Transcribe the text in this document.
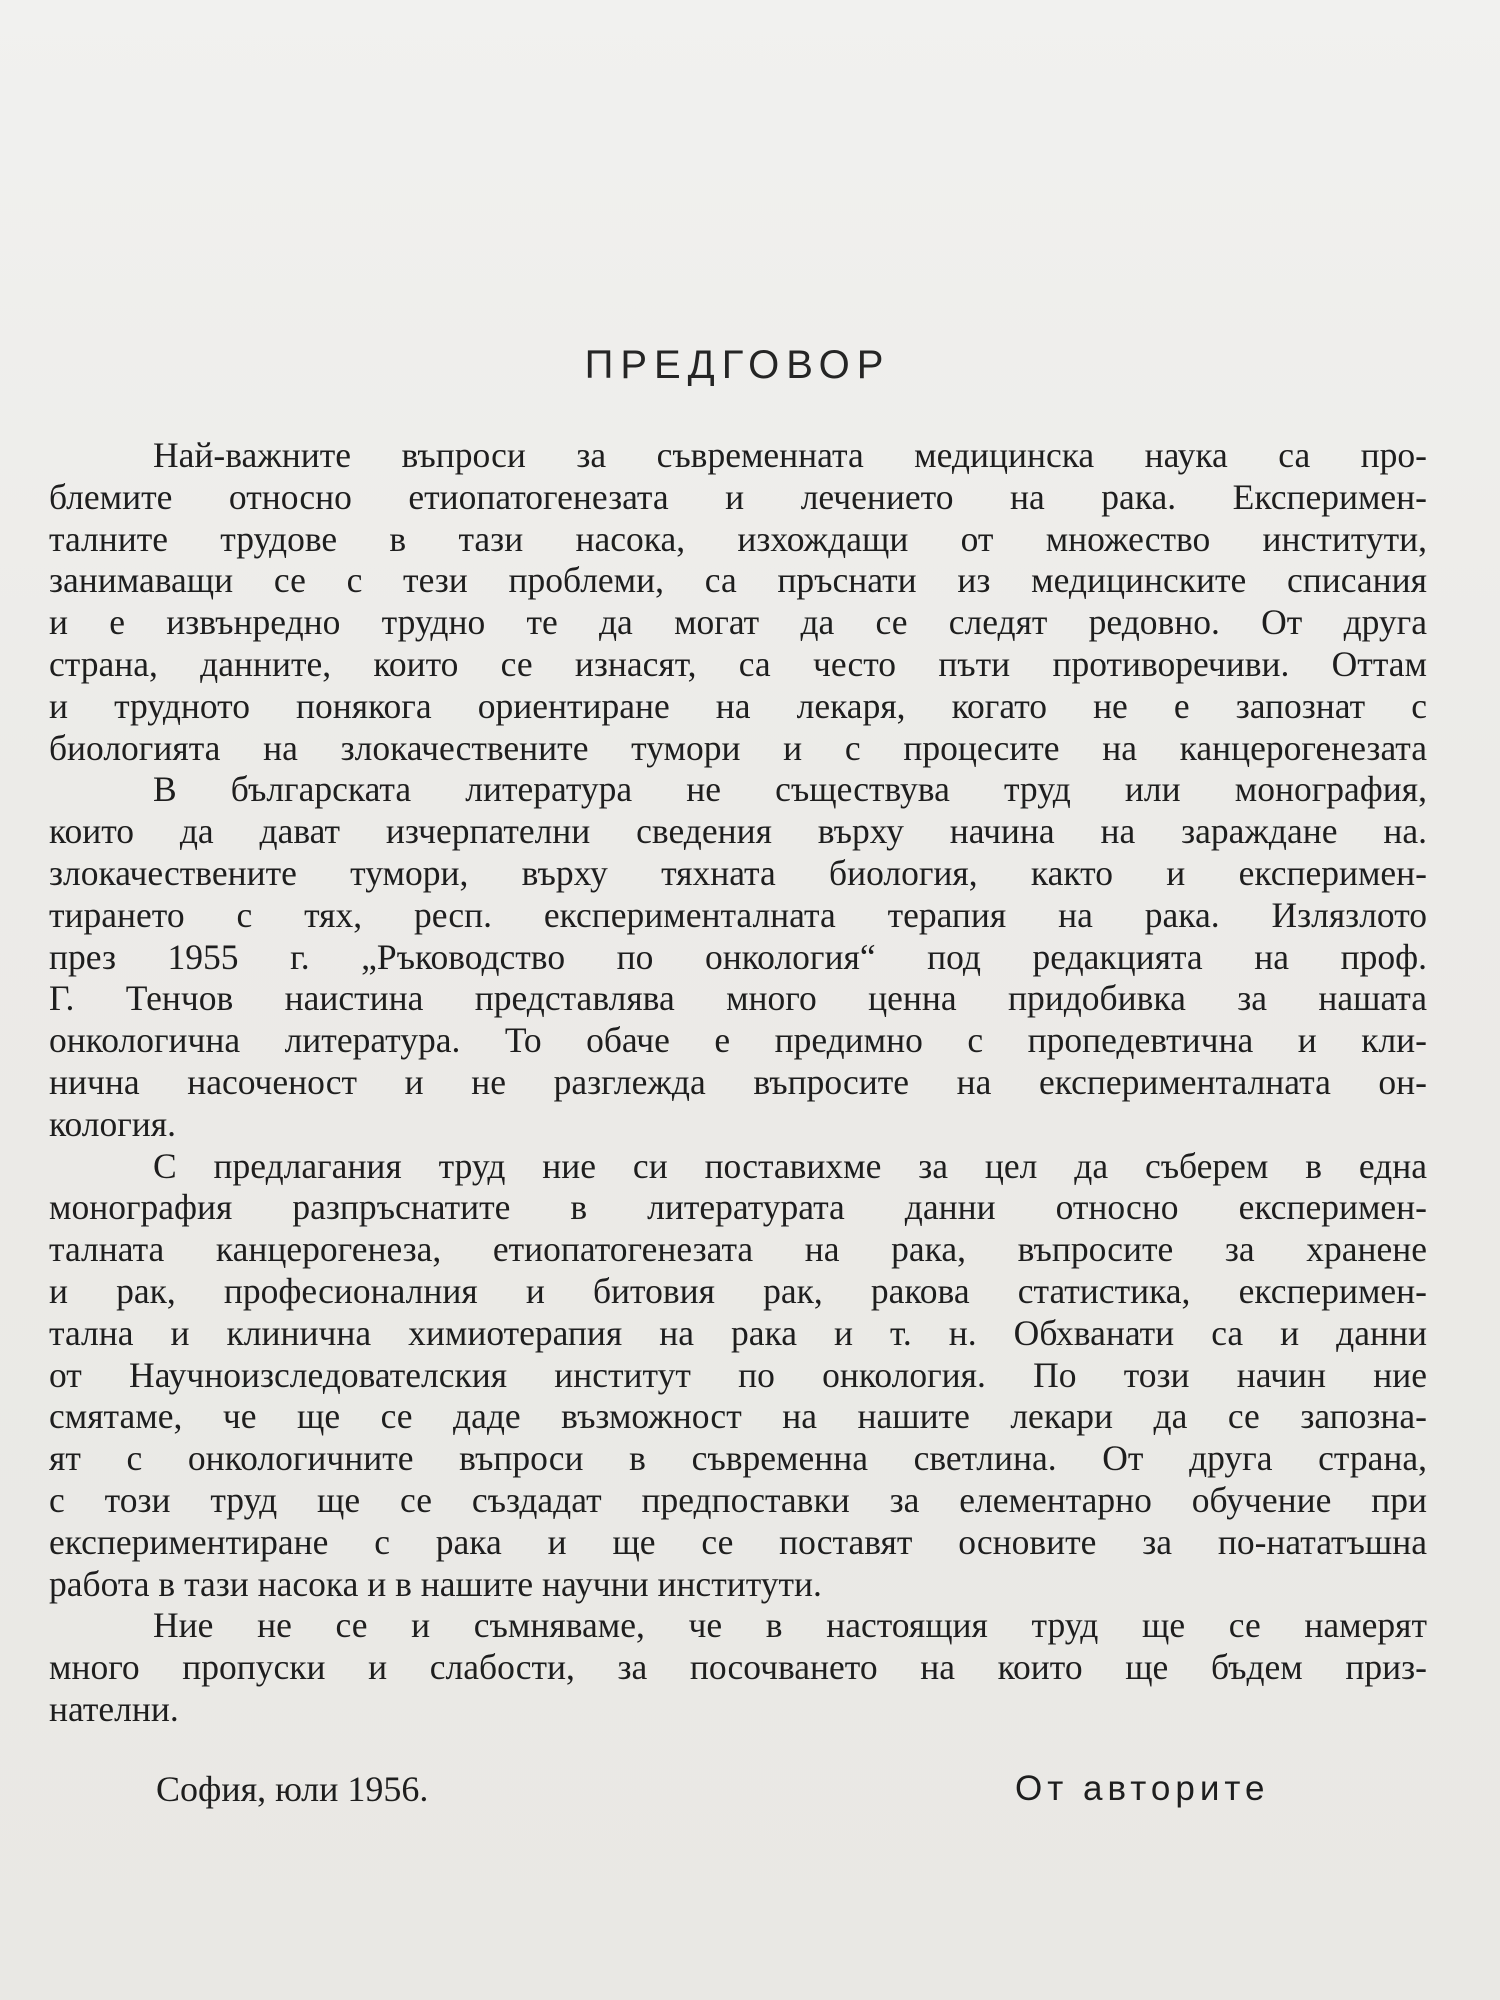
ПРЕДГОВОР
Най-важните въпроси за съвременната медицинска наука са про-
блемите относно етиопатогенезата и лечението на рака. Експеримен-
талните трудове в тази насока, изхождащи от множество институти,
занимаващи се с тези проблеми, са пръснати из медицинските списания
и е извънредно трудно те да могат да се следят редовно. От друга
страна, данните, които се изнасят, са често пъти противоречиви. Оттам
и трудното понякога ориентиране на лекаря, когато не е запознат с
биологията на злокачествените тумори и с процесите на канцерогенезата
В българската литература не съществува труд или монография,
които да дават изчерпателни сведения върху начина на зараждане на.
злокачествените тумори, върху тяхната биология, както и експеримен-
тирането с тях, респ. експерименталната терапия на рака. Излязлото
през 1955 г. „Ръководство по онкология“ под редакцията на проф.
Г. Тенчов наистина представлява много ценна придобивка за нашата
онкологична литература. То обаче е предимно с пропедевтична и кли-
нична насоченост и не разглежда въпросите на експерименталната он-
кология.
С предлагания труд ние си поставихме за цел да съберем в една
монография разпръснатите в литературата данни относно експеримен-
талната канцерогенеза, етиопатогенезата на рака, въпросите за хранене
и рак, професионалния и битовия рак, ракова статистика, експеримен-
тална и клинична химиотерапия на рака и т. н. Обхванати са и данни
от Научноизследователския институт по онкология. По този начин ние
смятаме, че ще се даде възможност на нашите лекари да се запозна-
ят с онкологичните въпроси в съвременна светлина. От друга страна,
с този труд ще се създадат предпоставки за елементарно обучение при
експериментиране с рака и ще се поставят основите за по-нататъшна
работа в тази насока и в нашите научни институти.
Ние не се и съмняваме, че в настоящия труд ще се намерят
много пропуски и слабости, за посочването на които ще бъдем приз-
нателни.
София, юли 1956.	От авторите
